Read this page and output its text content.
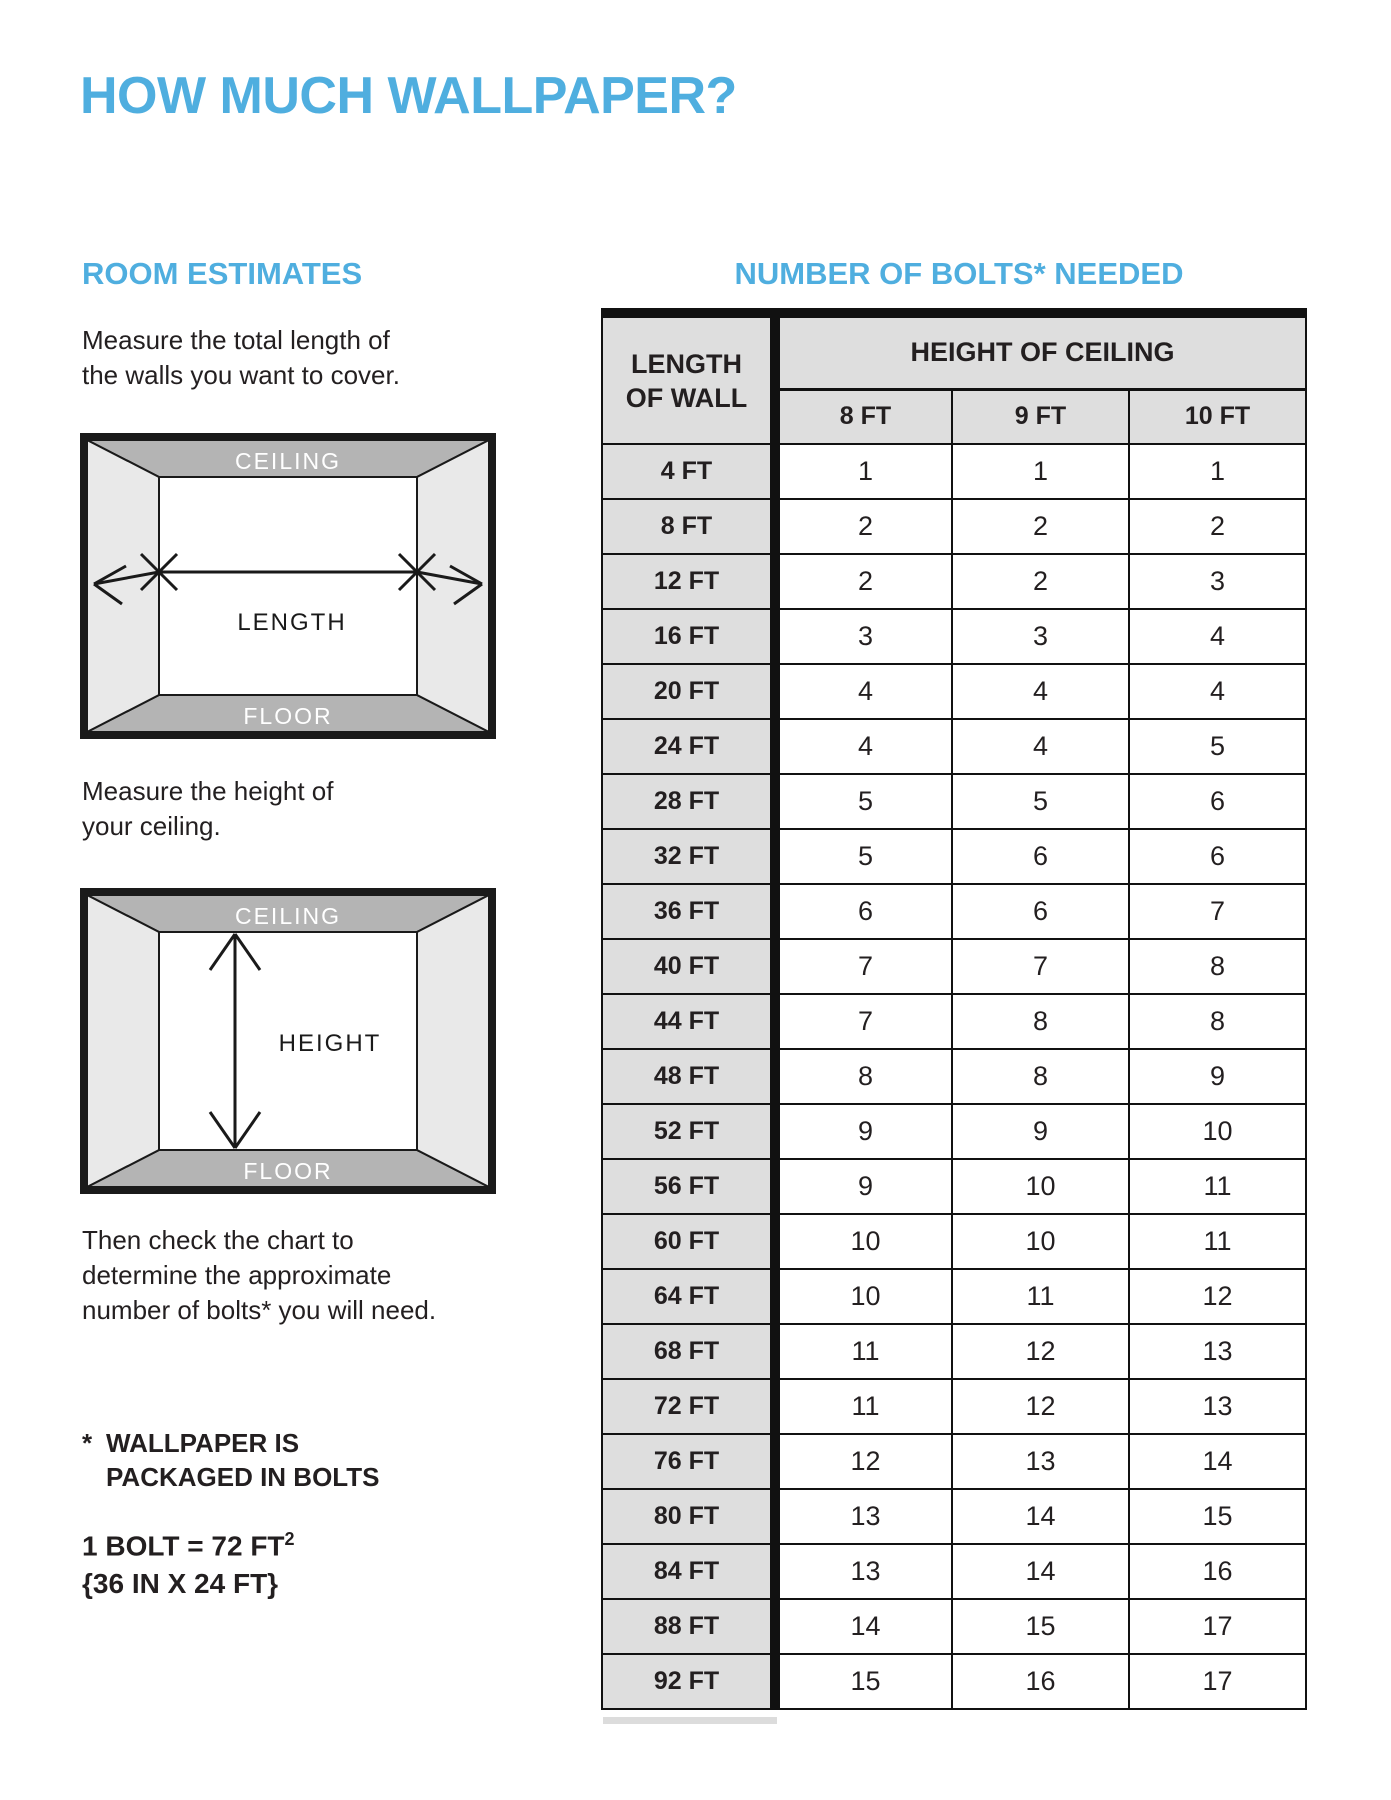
HOW MUCH WALLPAPER?
ROOM ESTIMATES	NUMBER OF BOLTS* NEEDED
Measure the total length of
the walls you want to cover.
CEILING
FLOOR
LENGTH
Measure the height of
your ceiling.
CEILING
FLOOR
HEIGHT
Then check the chart to
determine the approximate
number of bolts* you will need.
* WALLPAPER IS
PACKAGED IN BOLTS
1 BOLT = 72 $FT^2$
{36 IN X 24 FT}
LENGTH
OF WALL	HEIGHT OF CEILING		
	8 FT	9 FT	10 FT
4 FT	1	1	1
8 FT	2	2	2
12 FT	2	2	3
16 FT	3	3	4
20 FT	4	4	4
24 FT	4	4	5
28 FT	5	5	6
32 FT	5	6	6
36 FT	6	6	7
40 FT	7	7	8
44 FT	7	8	8
48 FT	8	8	9
52 FT	9	9	10
56 FT	9	10	11
60 FT	10	10	11
64 FT	10	11	12
68 FT	11	12	13
72 FT	11	12	13
76 FT	12	13	14
80 FT	13	14	15
84 FT	13	14	16
88 FT	14	15	17
92 FT	15	16	17
